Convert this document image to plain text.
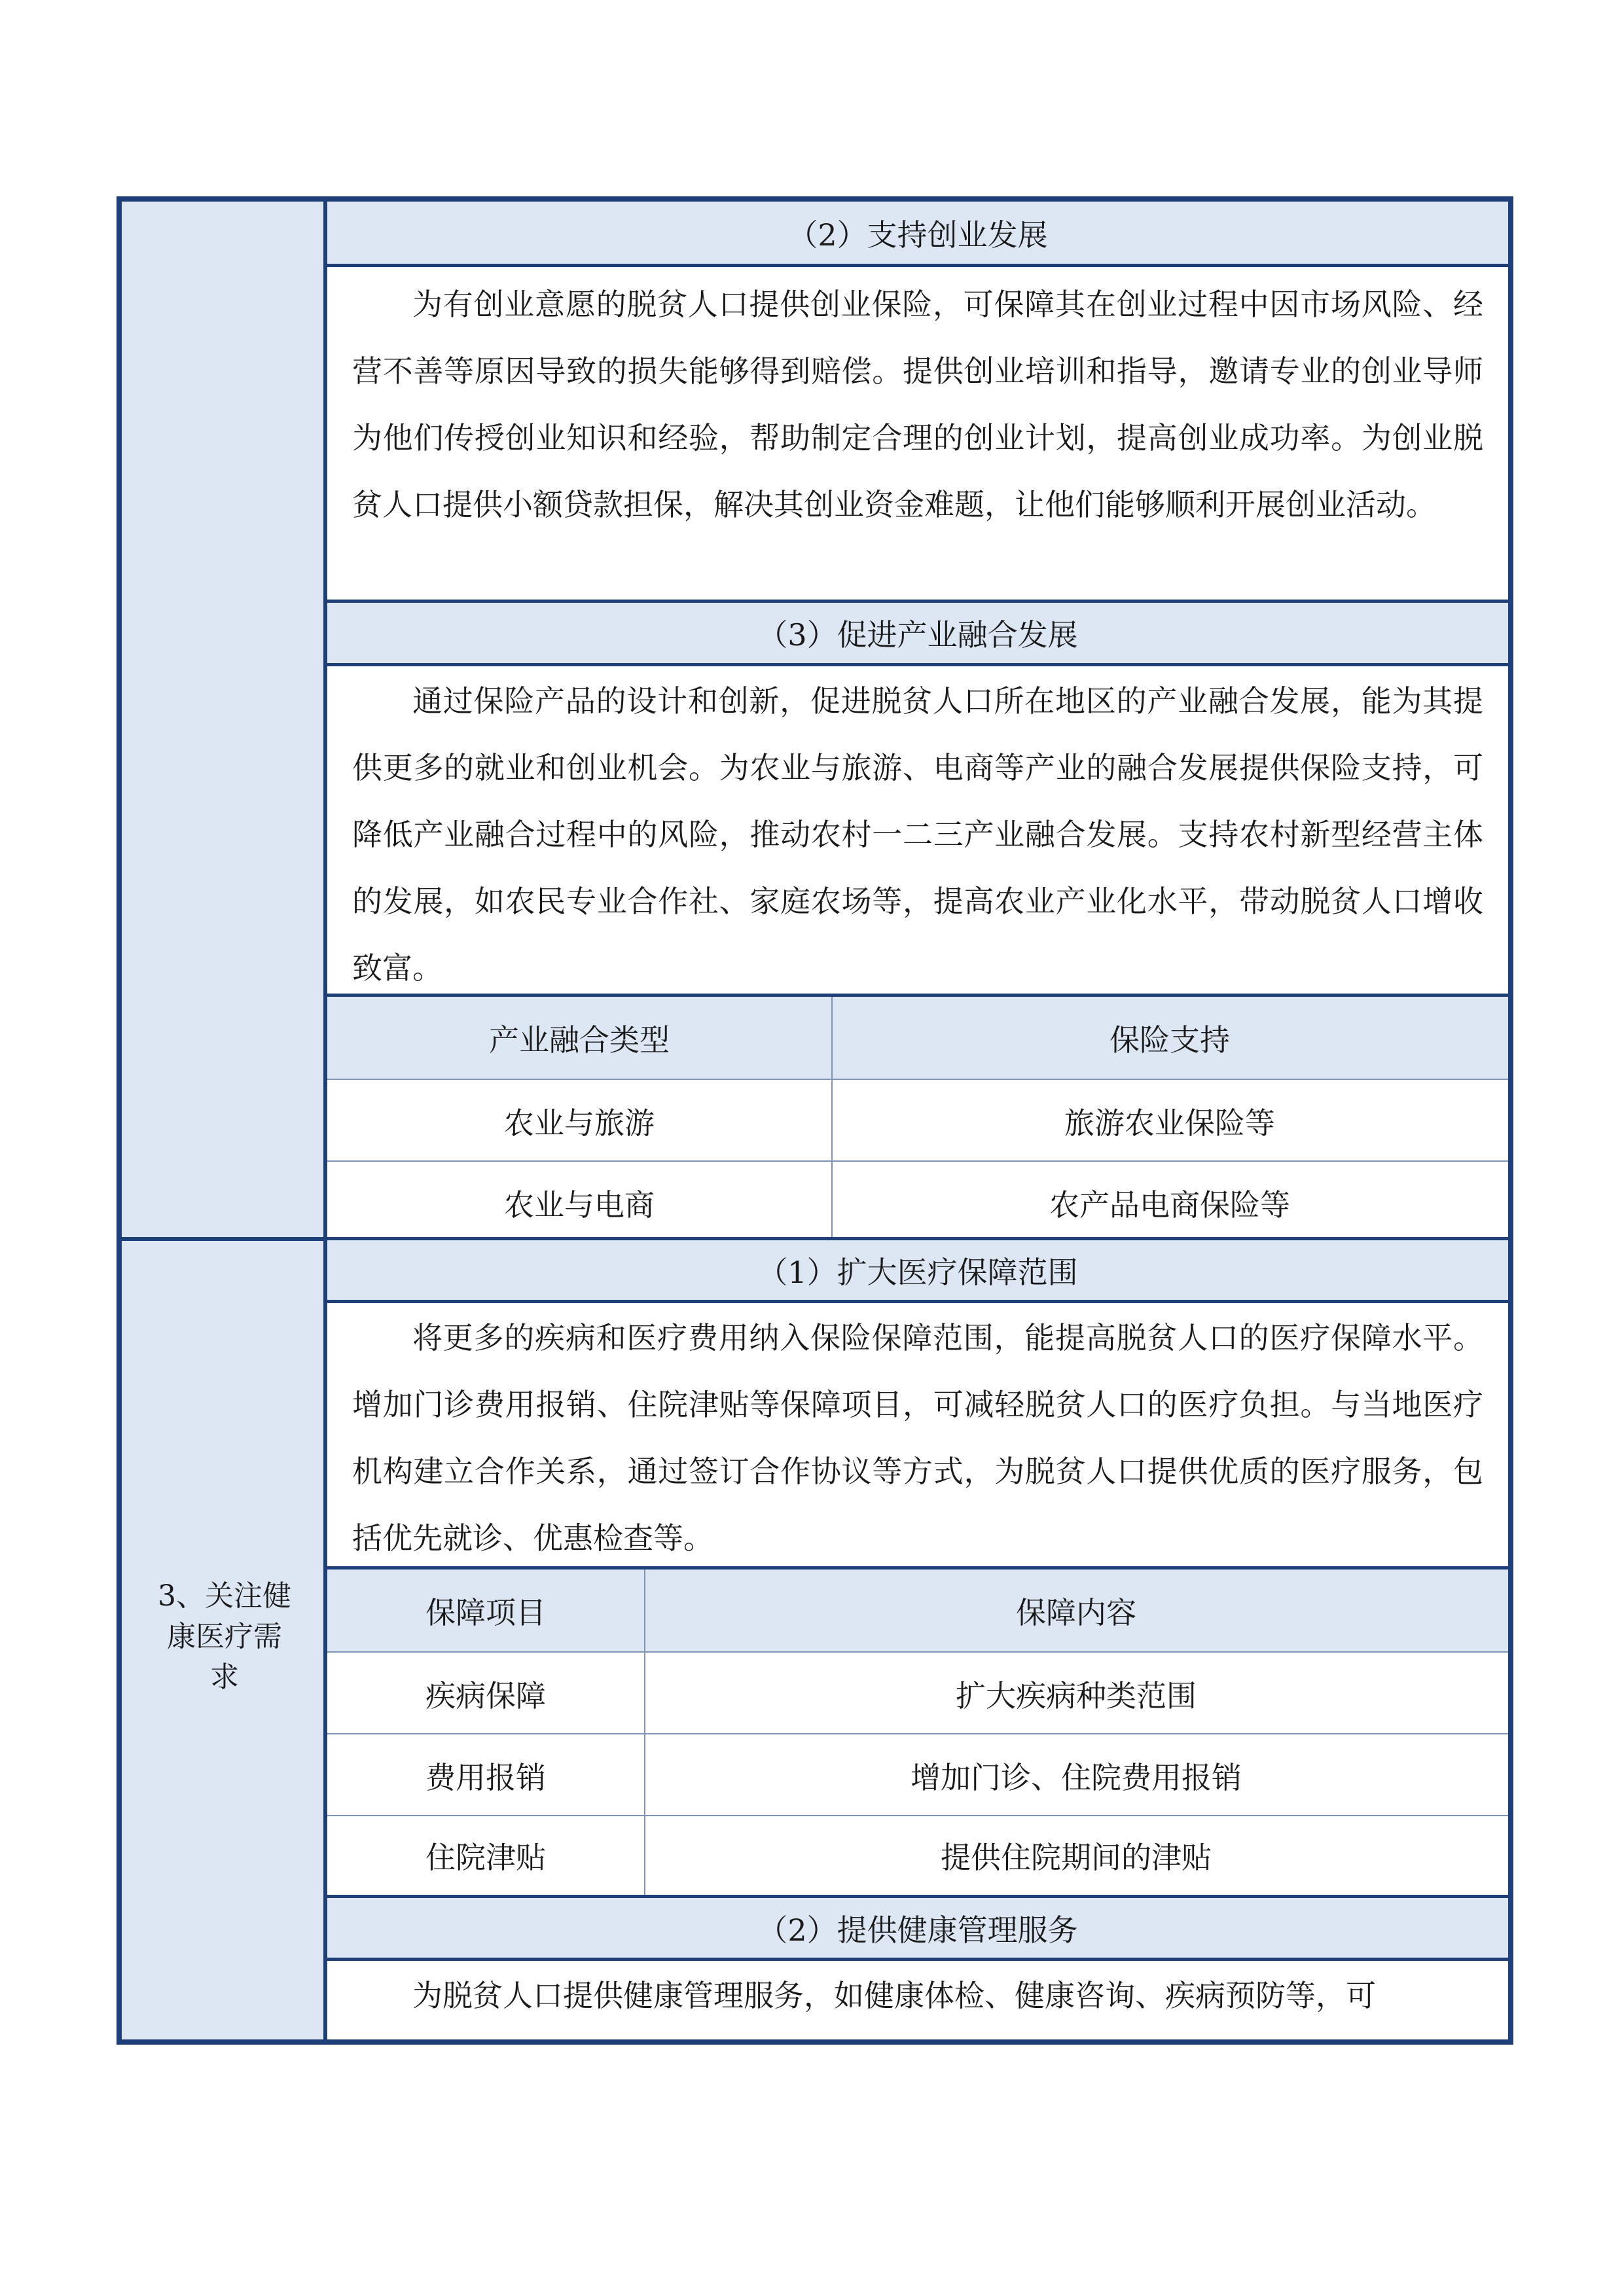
3、关注健
康医疗需
求
（2）支持创业发展
为有创业意愿的脱贫人口提供创业保险，可保障其在创业过程中因市场风险、经营不善等原因导致的损失能够得到赔偿。提供创业培训和指导，邀请专业的创业导师为他们传授创业知识和经验，帮助制定合理的创业计划，提高创业成功率。为创业脱贫人口提供小额贷款担保，解决其创业资金难题，让他们能够顺利开展创业活动。
（3）促进产业融合发展
通过保险产品的设计和创新，促进脱贫人口所在地区的产业融合发展，能为其提供更多的就业和创业机会。为农业与旅游、电商等产业的融合发展提供保险支持，可降低产业融合过程中的风险，推动农村一二三产业融合发展。支持农村新型经营主体的发展，如农民专业合作社、家庭农场等，提高农业产业化水平，带动脱贫人口增收致富。
产业融合类型	保险支持
农业与旅游	旅游农业保险等
农业与电商	农产品电商保险等
（1）扩大医疗保障范围
将更多的疾病和医疗费用纳入保险保障范围，能提高脱贫人口的医疗保障水平。增加门诊费用报销、住院津贴等保障项目，可减轻脱贫人口的医疗负担。与当地医疗机构建立合作关系，通过签订合作协议等方式，为脱贫人口提供优质的医疗服务，包括优先就诊、优惠检查等。
保障项目	保障内容
疾病保障	扩大疾病种类范围
费用报销	增加门诊、住院费用报销
住院津贴	提供住院期间的津贴
（2）提供健康管理服务
为脱贫人口提供健康管理服务，如健康体检、健康咨询、疾病预防等，可
